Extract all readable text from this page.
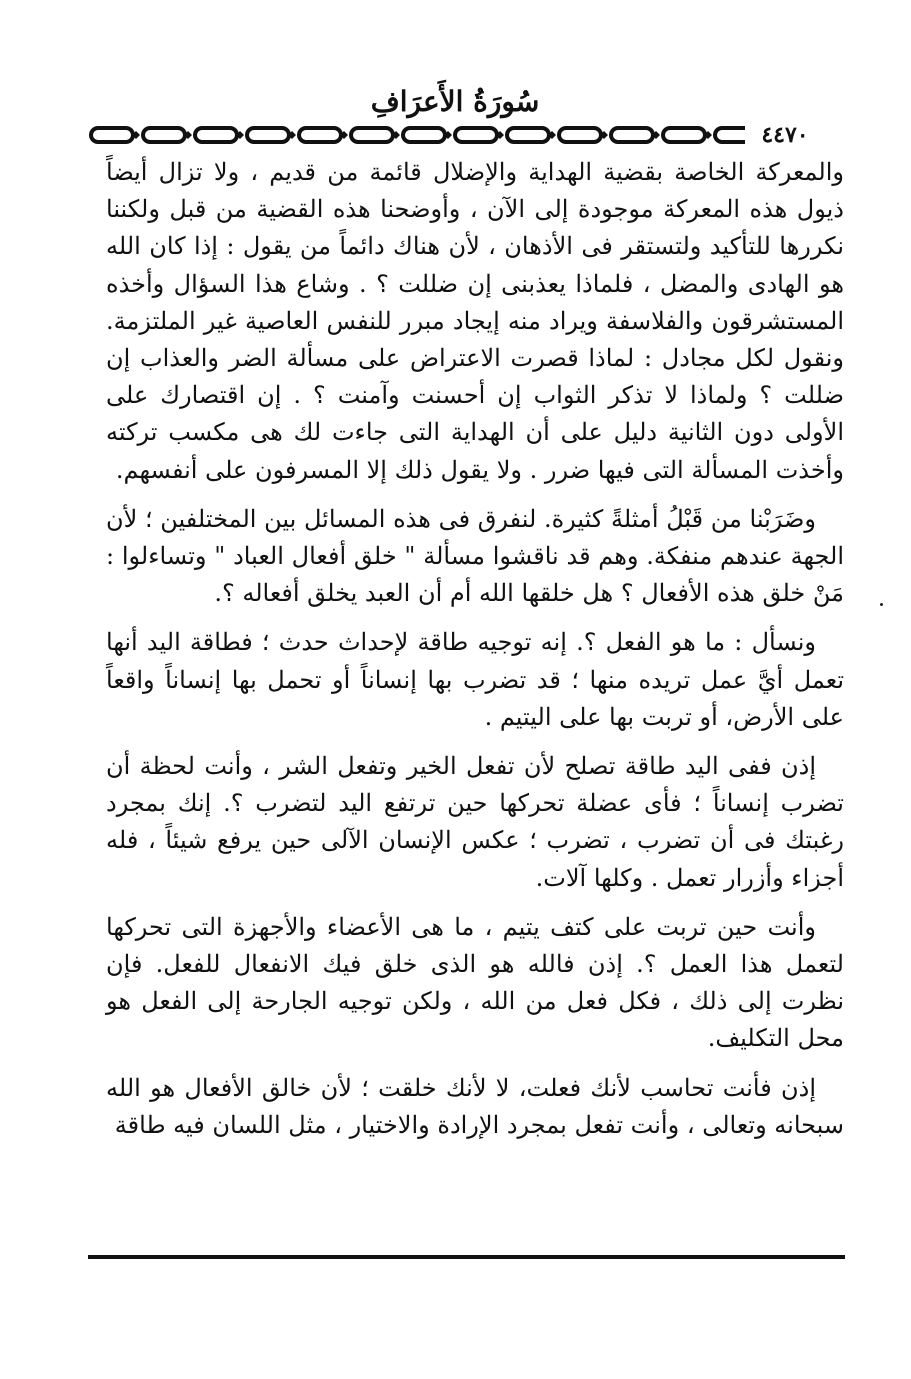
سُورَةُ الأَعرَافِ
٤٤٧٠

والمعركة الخاصة بقضية الهداية والإضلال قائمة من قديم ، ولا تزال أيضاً ذيول هذه المعركة موجودة إلى الآن ، وأوضحنا هذه القضية من قبل ولكننا نكررها للتأكيد ولتستقر فى الأذهان ، لأن هناك دائماً من يقول : إذا كان الله هو الهادى والمضل ، فلماذا يعذبنى إن ضللت ؟ . وشاع هذا السؤال وأخذه المستشرقون والفلاسفة ويراد منه إيجاد مبرر للنفس العاصية غير الملتزمة. ونقول لكل مجادل : لماذا قصرت الاعتراض على مسألة الضر والعذاب إن ضللت ؟ ولماذا لا تذكر الثواب إن أحسنت وآمنت ؟ . إن اقتصارك على الأولى دون الثانية دليل على أن الهداية التى جاءت لك هى مكسب تركته وأخذت المسألة التى فيها ضرر . ولا يقول ذلك إلا المسرفون على أنفسهم.

وضَرَبْنا من قَبْلُ أمثلةً كثيرة. لنفرق فى هذه المسائل بين المختلفين ؛ لأن الجهة عندهم منفكة. وهم قد ناقشوا مسألة " خلق أفعال العباد " وتساءلوا : مَنْ خلق هذه الأفعال ؟ هل خلقها الله أم أن العبد يخلق أفعاله ؟.

ونسأل : ما هو الفعل ؟. إنه توجيه طاقة لإحداث حدث ؛ فطاقة اليد أنها تعمل أيَّ عمل تريده منها ؛ قد تضرب بها إنساناً أو تحمل بها إنساناً واقعاً على الأرض، أو تربت بها على اليتيم .

إذن ففى اليد طاقة تصلح لأن تفعل الخير وتفعل الشر ، وأنت لحظة أن تضرب إنساناً ؛ فأى عضلة تحركها حين ترتفع اليد لتضرب ؟. إنك بمجرد رغبتك فى أن تضرب ، تضرب ؛ عكس الإنسان الآلى حين يرفع شيئاً ، فله أجزاء وأزرار تعمل . وكلها آلات.

وأنت حين تربت على كتف يتيم ، ما هى الأعضاء والأجهزة التى تحركها لتعمل هذا العمل ؟. إذن فالله هو الذى خلق فيك الانفعال للفعل. فإن نظرت إلى ذلك ، فكل فعل من الله ، ولكن توجيه الجارحة إلى الفعل هو محل التكليف.

إذن فأنت تحاسب لأنك فعلت، لا لأنك خلقت ؛ لأن خالق الأفعال هو الله سبحانه وتعالى ، وأنت تفعل بمجرد الإرادة والاختيار ، مثل اللسان فيه طاقة
